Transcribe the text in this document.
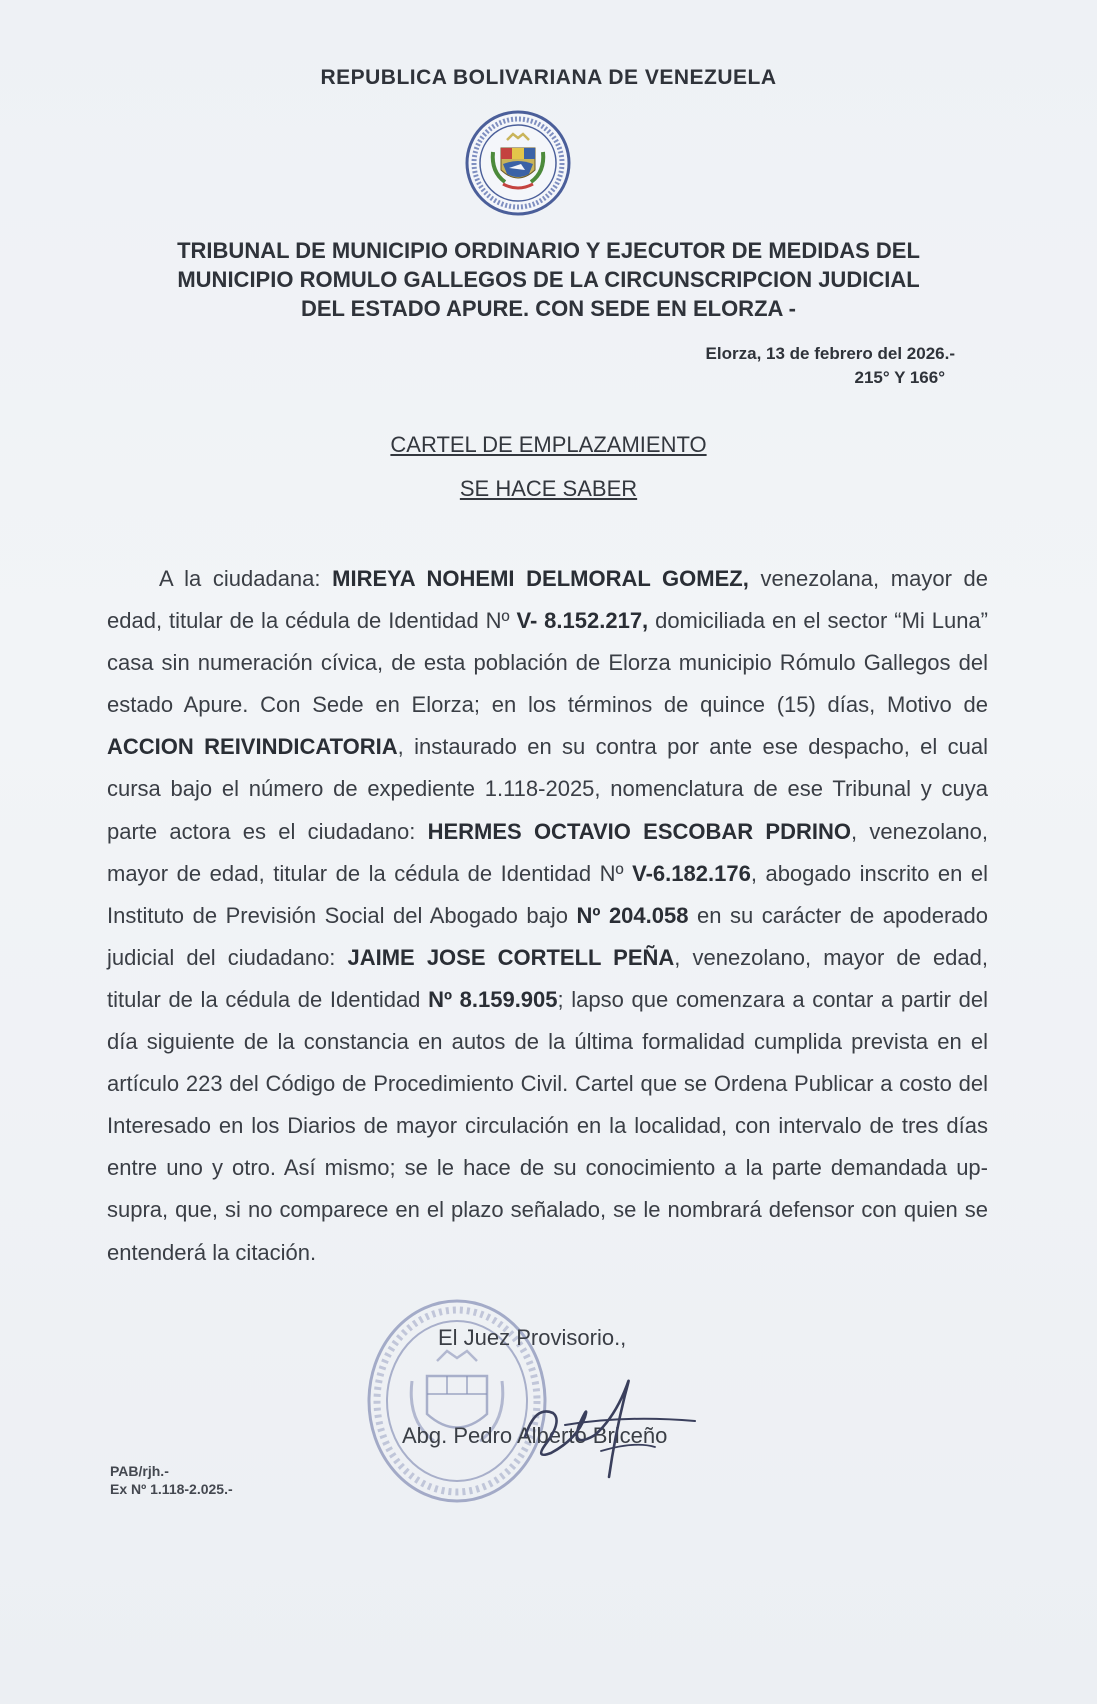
REPUBLICA BOLIVARIANA DE VENEZUELA
TRIBUNAL DE MUNICIPIO ORDINARIO Y EJECUTOR DE MEDIDAS DEL
MUNICIPIO ROMULO GALLEGOS DE LA CIRCUNSCRIPCION JUDICIAL
DEL ESTADO APURE. CON SEDE EN ELORZA -
Elorza, 13 de febrero del 2026.-
215° Y 166°
CARTEL DE EMPLAZAMIENTO
SE HACE SABER

A la ciudadana: MIREYA NOHEMI DELMORAL GOMEZ, venezolana, mayor de edad, titular de la cédula de Identidad Nº V- 8.152.217, domiciliada en el sector “Mi Luna” casa sin numeración cívica, de esta población de Elorza municipio Rómulo Gallegos del estado Apure. Con Sede en Elorza; en los términos de quince (15) días, Motivo de ACCION REIVINDICATORIA, instaurado en su contra por ante ese despacho, el cual cursa bajo el número de expediente 1.118-2025, nomenclatura de ese Tribunal y cuya parte actora es el ciudadano: HERMES OCTAVIO ESCOBAR PDRINO, venezolano, mayor de edad, titular de la cédula de Identidad Nº V-6.182.176, abogado inscrito en el Instituto de Previsión Social del Abogado bajo Nº 204.058 en su carácter de apoderado judicial del ciudadano: JAIME JOSE CORTELL PEÑA, venezolano, mayor de edad, titular de la cédula de Identidad Nº 8.159.905; lapso que comenzara a contar a partir del día siguiente de la constancia en autos de la última formalidad cumplida prevista en el artículo 223 del Código de Procedimiento Civil. Cartel que se Ordena Publicar a costo del Interesado en los Diarios de mayor circulación en la localidad, con intervalo de tres días entre uno y otro. Así mismo; se le hace de su conocimiento a la parte demandada up-supra, que, si no comparece en el plazo señalado, se le nombrará defensor con quien se entenderá la citación.

El Juez Provisorio.,
Abg. Pedro Alberto Briceño
PAB/rjh.-
Ex Nº 1.118-2.025.-
